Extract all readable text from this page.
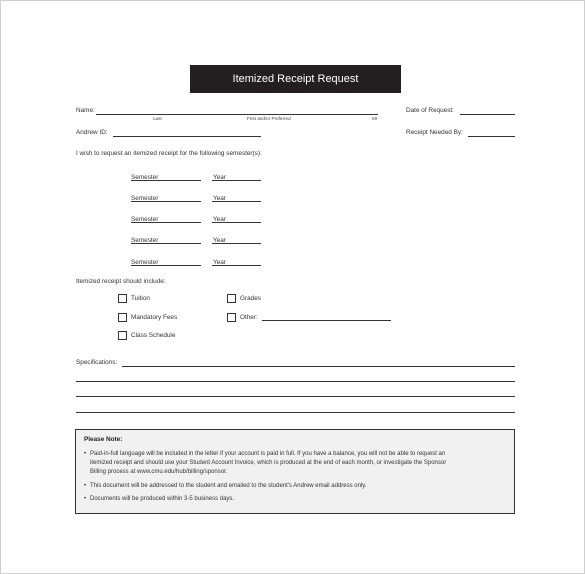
Itemized Receipt Request
Name:
Last	First and/or Preferred	MI
Date of Request:
Andrew ID:	Receipt Needed By:
I wish to request an itemized receipt for the following semester(s):
Semester	Year
Semester	Year
Semester	Year
Semester	Year
Semester	Year
Itemized receipt should include:
Tuition
Mandatory Fees
Class Schedule
Grades
Other:
Specifications:
Please Note:
• Paid-in-full language will be included in the letter if your account is paid in full. If you have a balance, you will not be able to request an
itemized receipt and should use your Student Account Invoice, which is produced at the end of each month, or investigate the Sponsor
Billing process at www.cmu.edu/hub/billing/sponsor.
• This document will be addressed to the student and emailed to the student's Andrew email address only.
• Documents will be produced within 3-5 business days.
